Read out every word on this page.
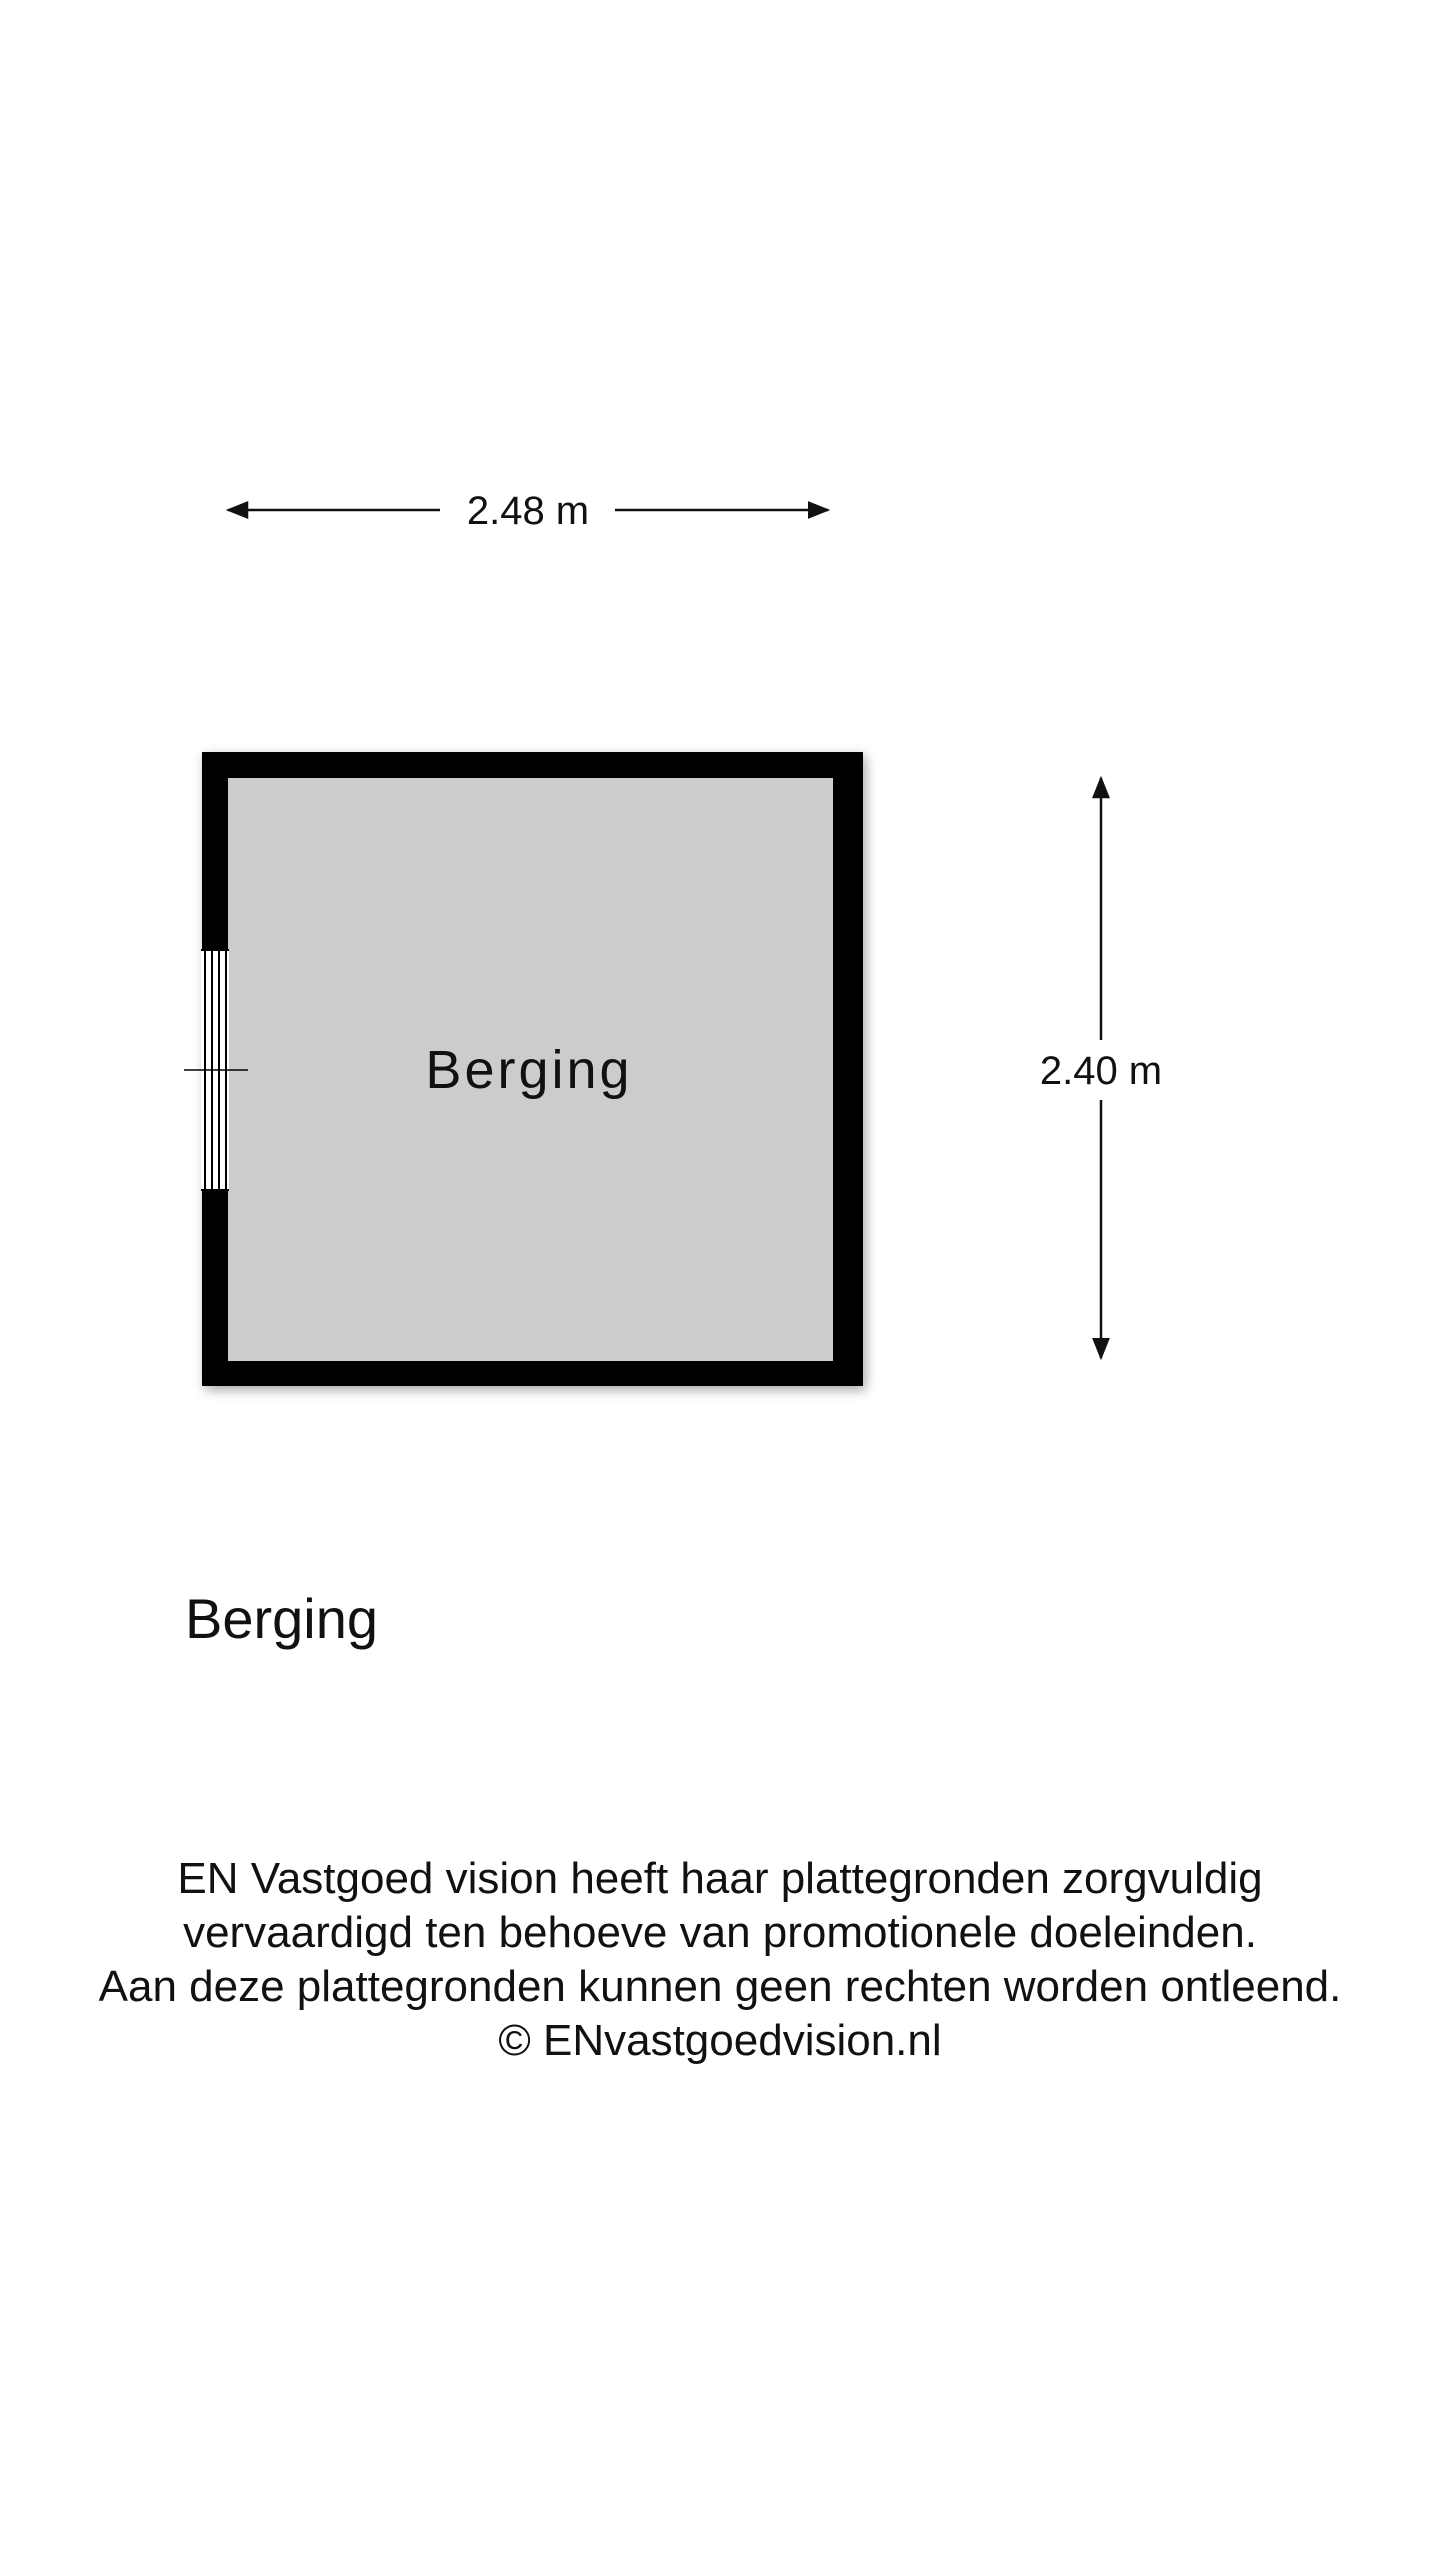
2.48 m
2.40 m
Berging
Berging
EN Vastgoed vision heeft haar plattegronden zorgvuldig
vervaardigd ten behoeve van promotionele doeleinden.
Aan deze plattegronden kunnen geen rechten worden ontleend.
© ENvastgoedvision.nl
